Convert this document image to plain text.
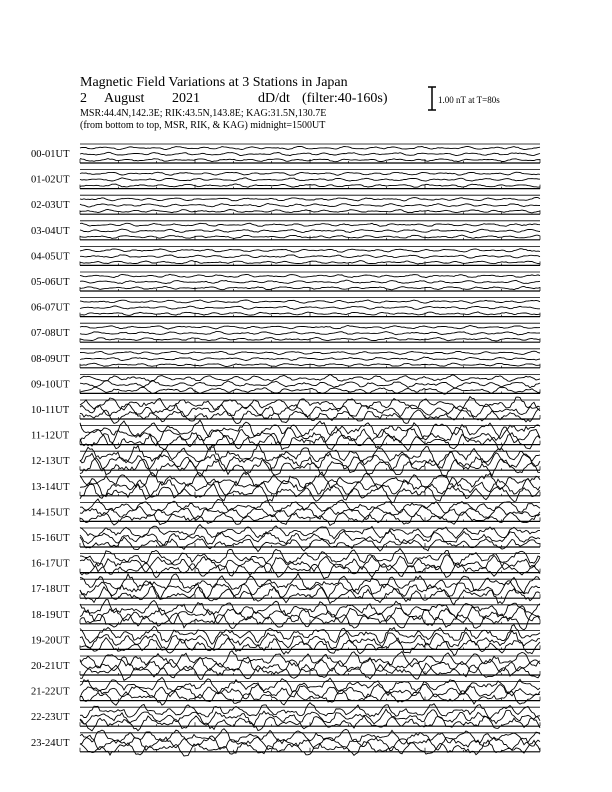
Magnetic Field Variations at 3 Stations in Japan
2 August 2021	dD/dt (filter:40-160s)
MSR:44.4N,142.3E; RIK:43.5N,143.8E; KAG:31.5N,130.7E
(from bottom to top, MSR, RIK, & KAG) midnight=1500UT
1.00 nT at T=80s
00-01UT
01-02UT
02-03UT
03-04UT
04-05UT
05-06UT
06-07UT
07-08UT
08-09UT
09-10UT
10-11UT
11-12UT
12-13UT
13-14UT
14-15UT
15-16UT
16-17UT
17-18UT
18-19UT
19-20UT
20-21UT
21-22UT
22-23UT
23-24UT
